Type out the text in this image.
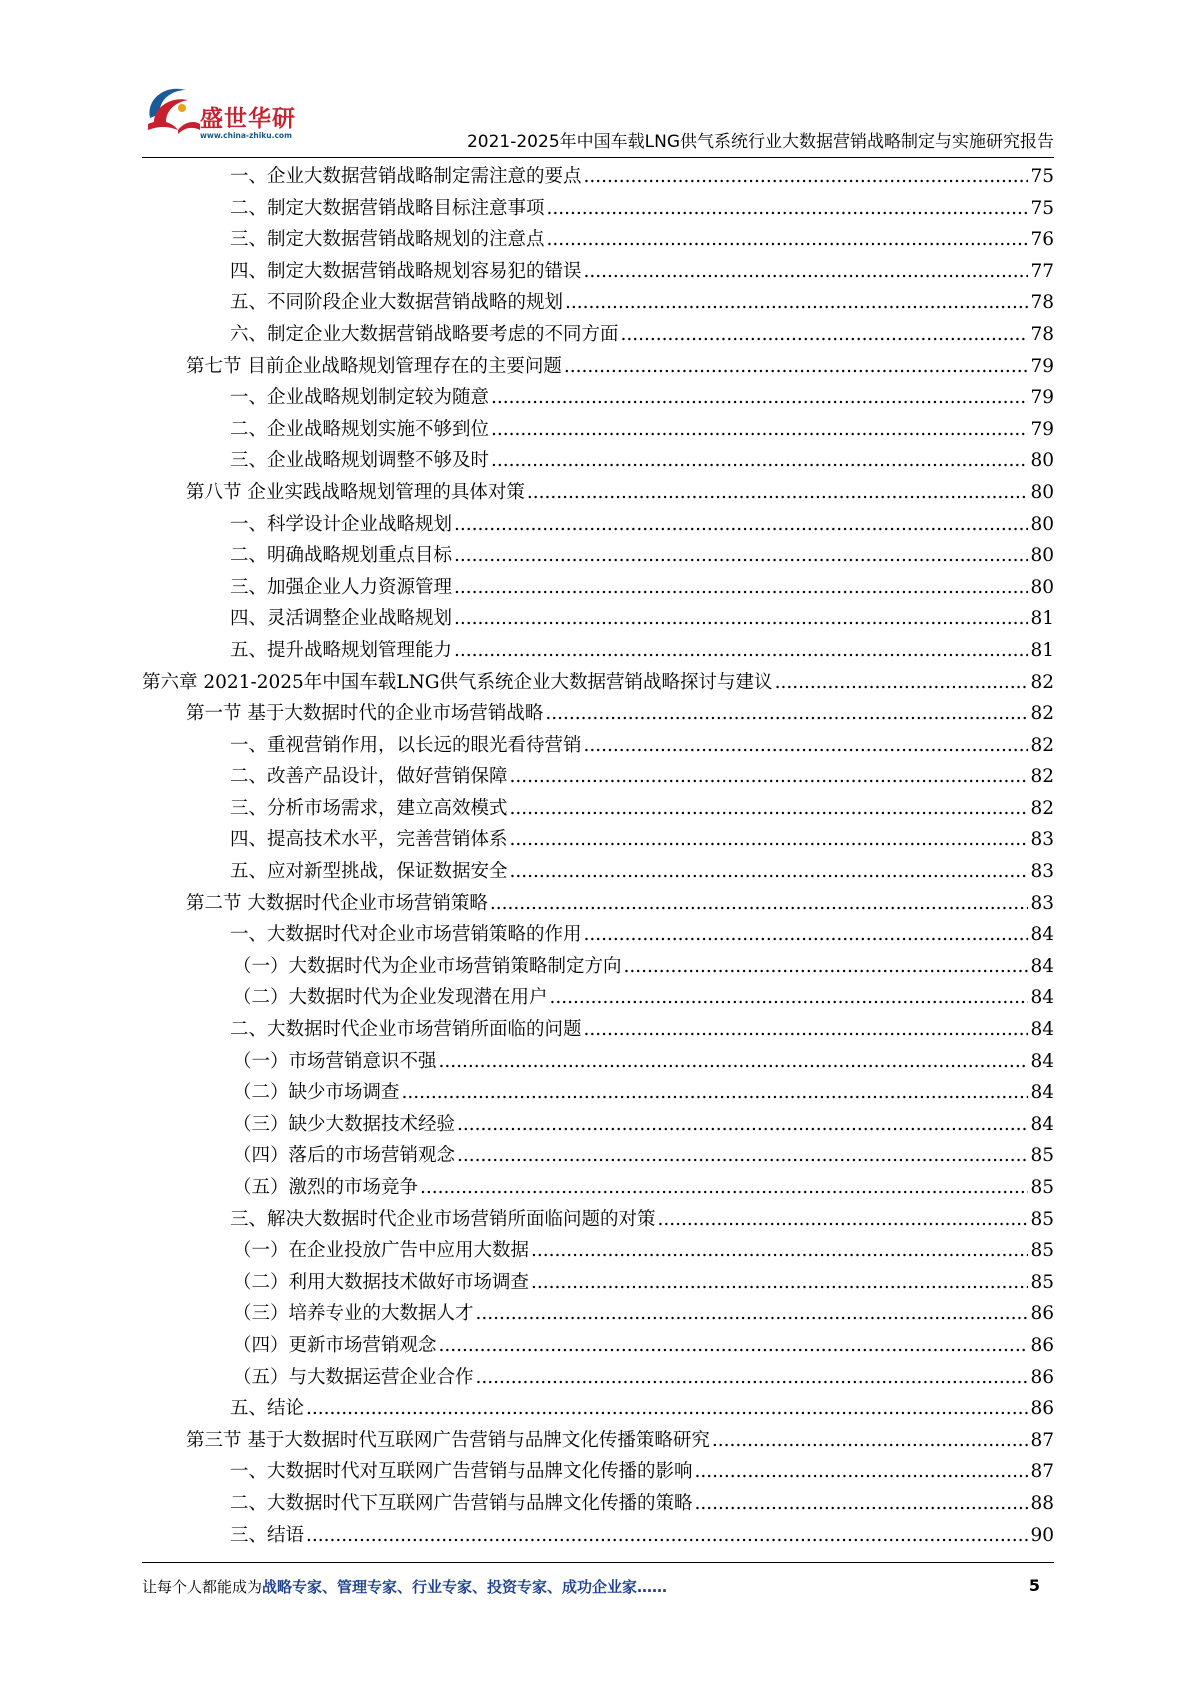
盛世华研
www.china-zhiku.com	2021-2025年中国车载LNG供气系统行业大数据营销战略制定与实施研究报告
一、企业大数据营销战略制定需注意的要点 .....	75
二、制定大数据营销战略目标注意事项 .....	75
三、制定大数据营销战略规划的注意点 .....	76
四、制定大数据营销战略规划容易犯的错误 .....	77
五、不同阶段企业大数据营销战略的规划 .....	78
六、制定企业大数据营销战略要考虑的不同方面 .....	78
第七节 目前企业战略规划管理存在的主要问题 .....	79
一、企业战略规划制定较为随意 .....	79
二、企业战略规划实施不够到位 .....	79
三、企业战略规划调整不够及时 .....	80
第八节 企业实践战略规划管理的具体对策 .....	80
一、科学设计企业战略规划 .....	80
二、明确战略规划重点目标 .....	80
三、加强企业人力资源管理 .....	80
四、灵活调整企业战略规划 .....	81
五、提升战略规划管理能力 .....	81
第六章 2021-2025年中国车载LNG供气系统企业大数据营销战略探讨与建议 .....	82
第一节 基于大数据时代的企业市场营销战略 .....	82
一、重视营销作用，以长远的眼光看待营销 .....	82
二、改善产品设计，做好营销保障 .....	82
三、分析市场需求，建立高效模式 .....	82
四、提高技术水平，完善营销体系 .....	83
五、应对新型挑战，保证数据安全 .....	83
第二节 大数据时代企业市场营销策略 .....	83
一、大数据时代对企业市场营销策略的作用 .....	84
（一）大数据时代为企业市场营销策略制定方向 .....	84
（二）大数据时代为企业发现潜在用户 .....	84
二、大数据时代企业市场营销所面临的问题 .....	84
（一）市场营销意识不强 .....	84
（二）缺少市场调查 .....	84
（三）缺少大数据技术经验 .....	84
（四）落后的市场营销观念 .....	85
（五）激烈的市场竞争 .....	85
三、解决大数据时代企业市场营销所面临问题的对策 .....	85
（一）在企业投放广告中应用大数据 .....	85
（二）利用大数据技术做好市场调查 .....	85
（三）培养专业的大数据人才 .....	86
（四）更新市场营销观念 .....	86
（五）与大数据运营企业合作 .....	86
五、结论 .....	86
第三节 基于大数据时代互联网广告营销与品牌文化传播策略研究 .....	87
一、大数据时代对互联网广告营销与品牌文化传播的影响 .....	87
二、大数据时代下互联网广告营销与品牌文化传播的策略 .....	88
三、结语 .....	90
让每个人都能成为战略专家、管理专家、行业专家、投资专家、成功企业家……	5
